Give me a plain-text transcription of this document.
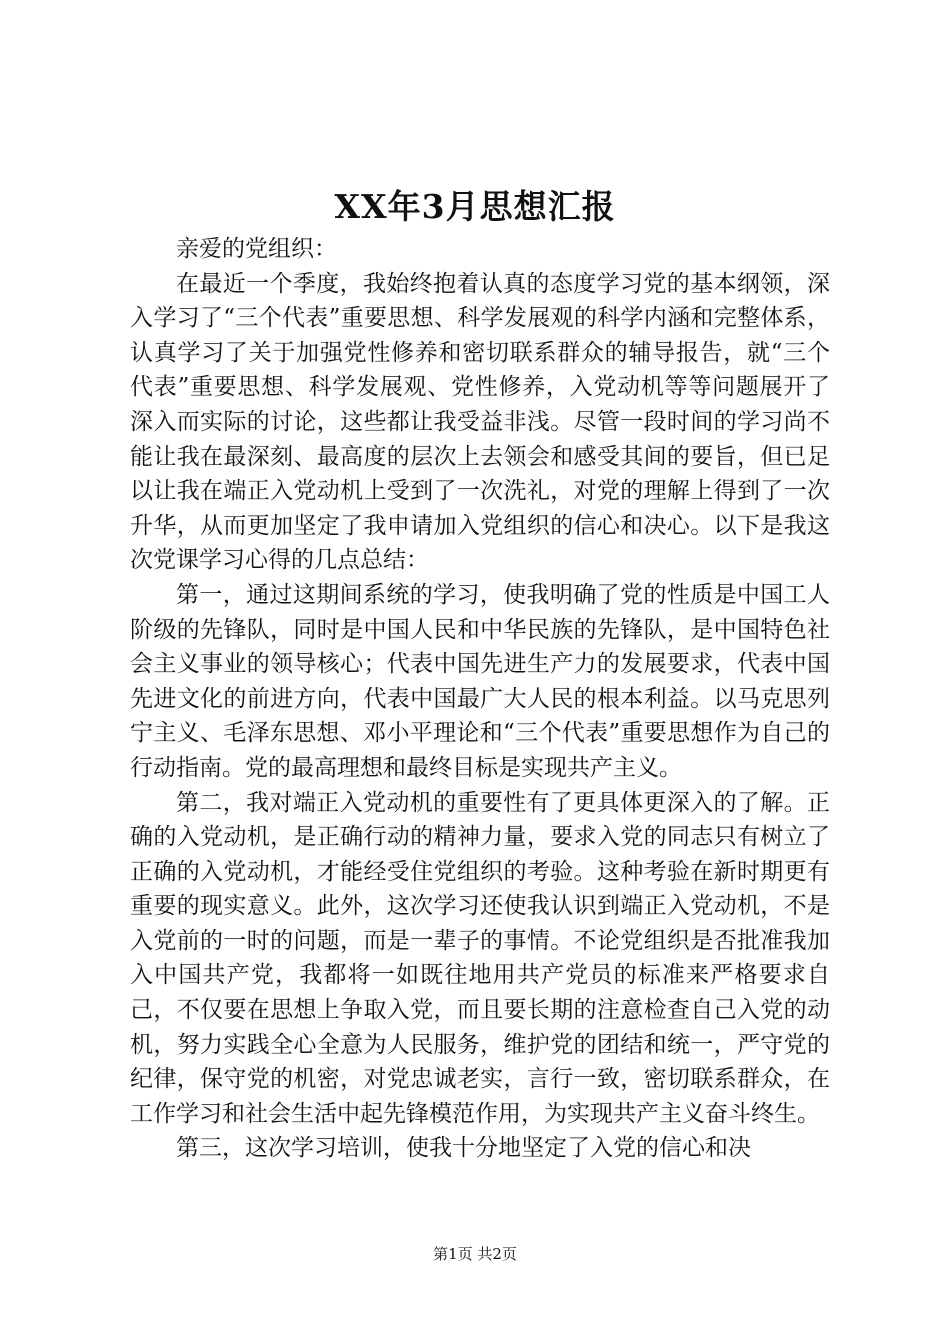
XX年3月思想汇报

亲爱的党组织：

在最近一个季度，我始终抱着认真的态度学习党的基本纲领，深入学习了“三个代表”重要思想、科学发展观的科学内涵和完整体系，认真学习了关于加强党性修养和密切联系群众的辅导报告，就“三个代表”重要思想、科学发展观、党性修养，入党动机等等问题展开了深入而实际的讨论，这些都让我受益非浅。尽管一段时间的学习尚不能让我在最深刻、最高度的层次上去领会和感受其间的要旨，但已足以让我在端正入党动机上受到了一次洗礼，对党的理解上得到了一次升华，从而更加坚定了我申请加入党组织的信心和决心。以下是我这次党课学习心得的几点总结：

第一，通过这期间系统的学习，使我明确了党的性质是中国工人阶级的先锋队，同时是中国人民和中华民族的先锋队，是中国特色社会主义事业的领导核心；代表中国先进生产力的发展要求，代表中国先进文化的前进方向，代表中国最广大人民的根本利益。以马克思列宁主义、毛泽东思想、邓小平理论和“三个代表”重要思想作为自己的行动指南。党的最高理想和最终目标是实现共产主义。

第二，我对端正入党动机的重要性有了更具体更深入的了解。正确的入党动机，是正确行动的精神力量，要求入党的同志只有树立了正确的入党动机，才能经受住党组织的考验。这种考验在新时期更有重要的现实意义。此外，这次学习还使我认识到端正入党动机，不是入党前的一时的问题，而是一辈子的事情。不论党组织是否批准我加入中国共产党，我都将一如既往地用共产党员的标准来严格要求自己，不仅要在思想上争取入党，而且要长期的注意检查自己入党的动机，努力实践全心全意为人民服务，维护党的团结和统一，严守党的纪律，保守党的机密，对党忠诚老实，言行一致，密切联系群众，在工作学习和社会生活中起先锋模范作用，为实现共产主义奋斗终生。

第三，这次学习培训，使我十分地坚定了入党的信心和决

第1页 共2页
